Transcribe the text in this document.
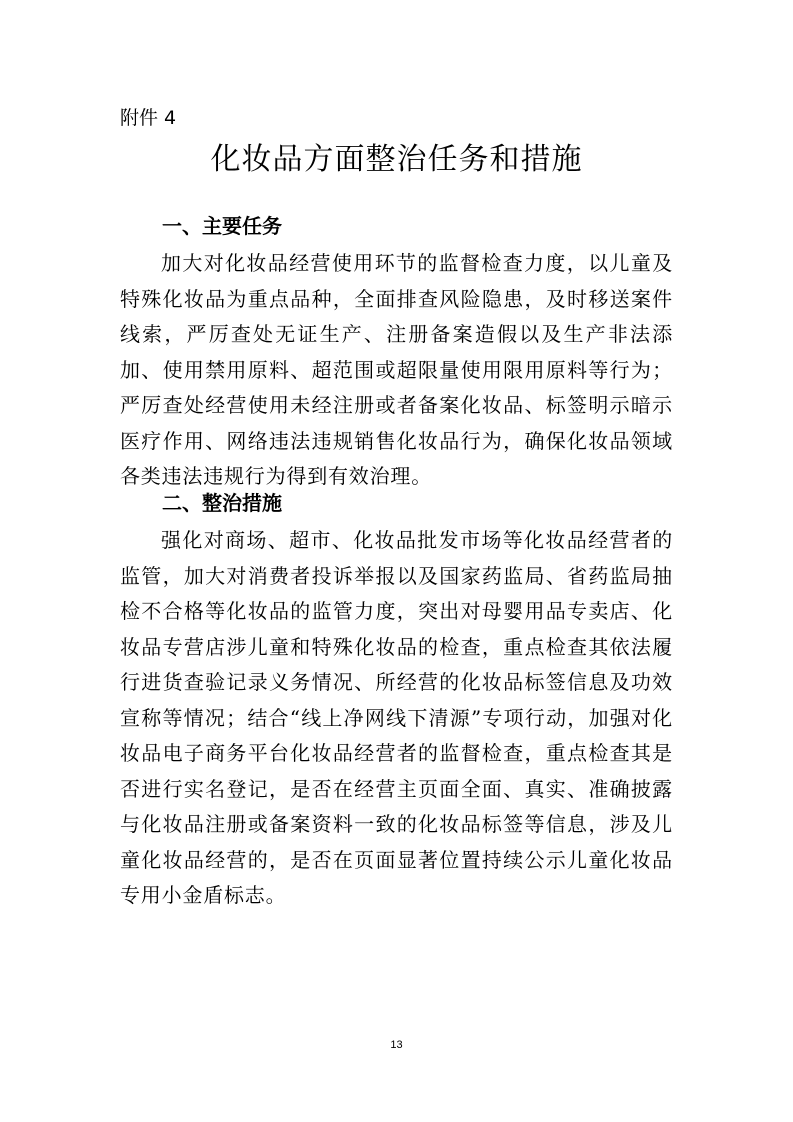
附件 4
化妆品方面整治任务和措施
一、主要任务

加大对化妆品经营使用环节的监督检查力度，以儿童及特殊化妆品为重点品种，全面排查风险隐患，及时移送案件线索，严厉查处无证生产、注册备案造假以及生产非法添加、使用禁用原料、超范围或超限量使用限用原料等行为；严厉查处经营使用未经注册或者备案化妆品、标签明示暗示医疗作用、网络违法违规销售化妆品行为，确保化妆品领域各类违法违规行为得到有效治理。

二、整治措施

强化对商场、超市、化妆品批发市场等化妆品经营者的监管，加大对消费者投诉举报以及国家药监局、省药监局抽检不合格等化妆品的监管力度，突出对母婴用品专卖店、化妆品专营店涉儿童和特殊化妆品的检查，重点检查其依法履行进货查验记录义务情况、所经营的化妆品标签信息及功效宣称等情况；结合“线上净网线下清源”专项行动，加强对化妆品电子商务平台化妆品经营者的监督检查，重点检查其是否进行实名登记，是否在经营主页面全面、真实、准确披露与化妆品注册或备案资料一致的化妆品标签等信息，涉及儿 童化妆品经营的，是否在页面显著位置持续公示儿童化妆品专用小金盾标志。

13
